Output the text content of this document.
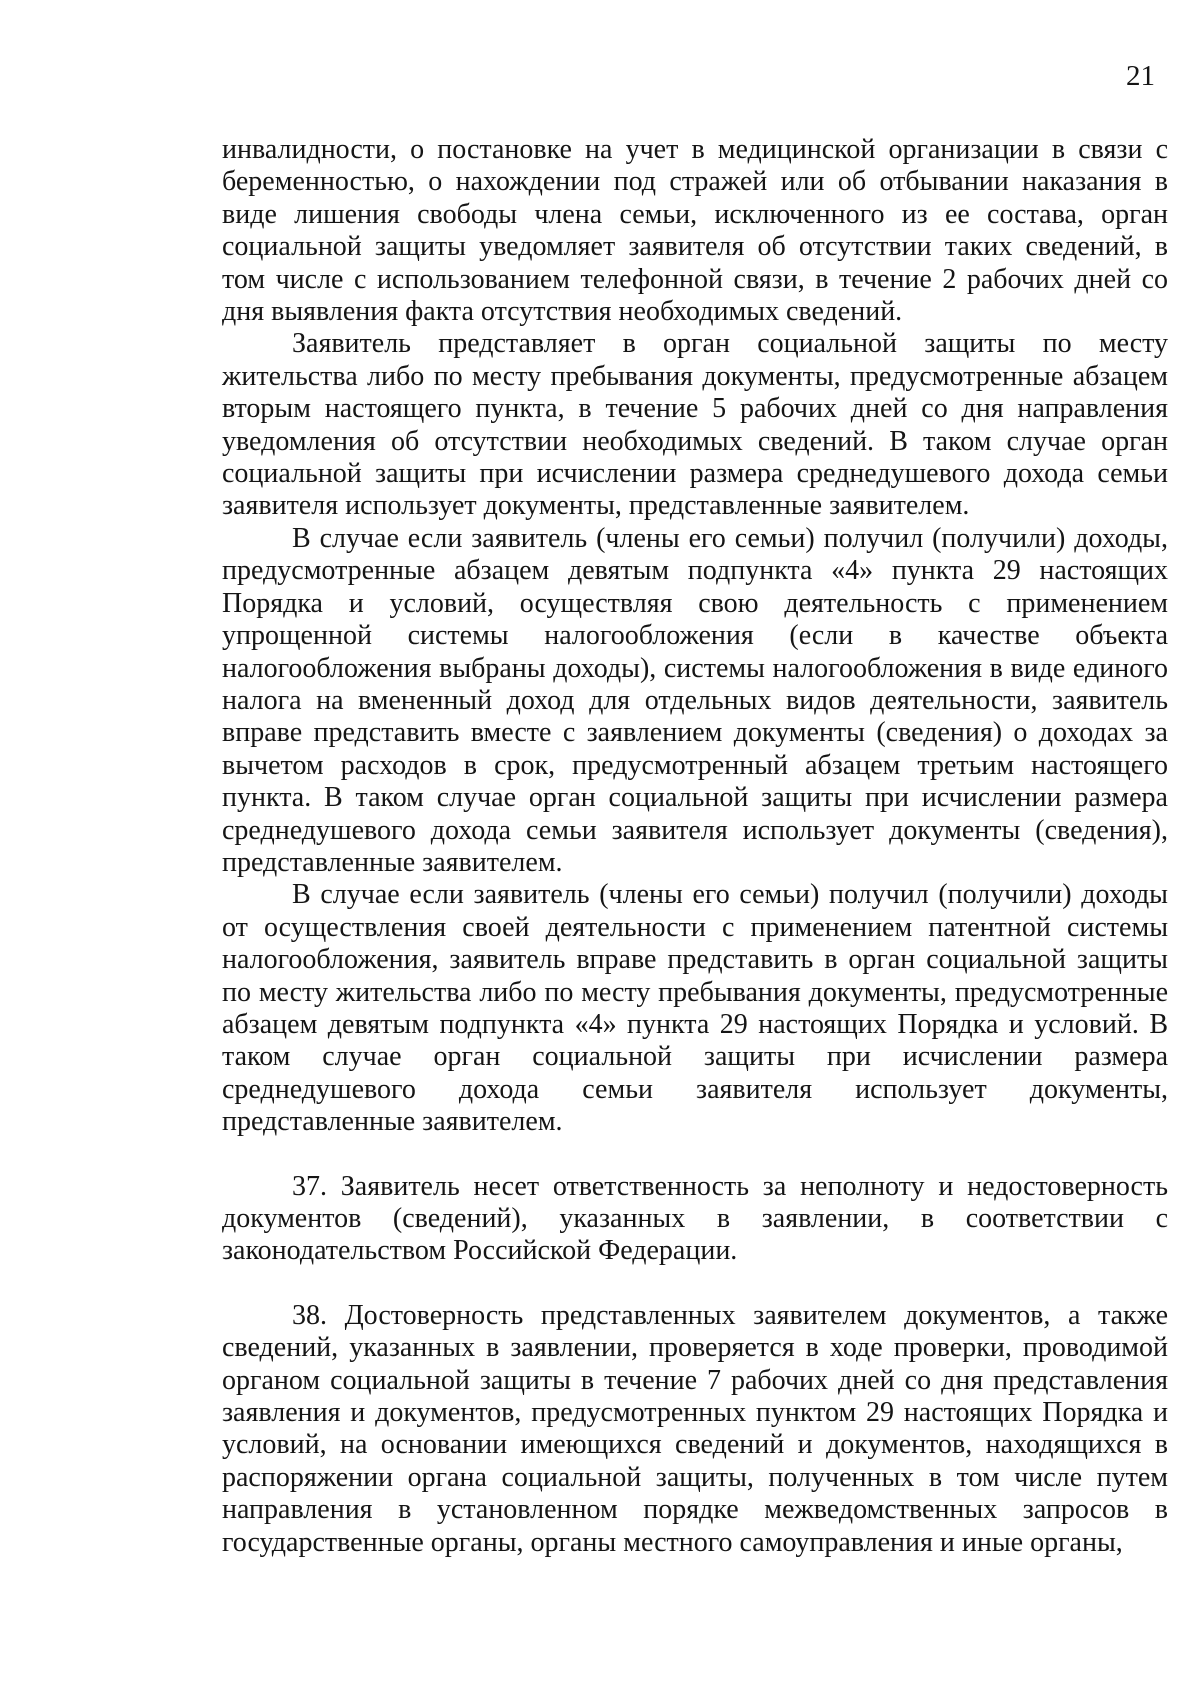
21

инвалидности, о постановке на учет в медицинской организации в связи с беременностью, о нахождении под стражей или об отбывании наказания в виде лишения свободы члена семьи, исключенного из ее состава, орган социальной защиты уведомляет заявителя об отсутствии таких сведений, в том числе с использованием телефонной связи, в течение 2 рабочих дней со дня выявления факта отсутствия необходимых сведений.

Заявитель представляет в орган социальной защиты по месту жительства либо по месту пребывания документы, предусмотренные абзацем вторым настоящего пункта, в течение 5 рабочих дней со дня направления уведомления об отсутствии необходимых сведений. В таком случае орган социальной защиты при исчислении размера среднедушевого дохода семьи заявителя использует документы, представленные заявителем.

В случае если заявитель (члены его семьи) получил (получили) доходы, предусмотренные абзацем девятым подпункта «4» пункта 29 настоящих Порядка и условий, осуществляя свою деятельность с применением упрощенной системы налогообложения (если в качестве объекта налогообложения выбраны доходы), системы налогообложения в виде единого налога на вмененный доход для отдельных видов деятельности, заявитель вправе представить вместе с заявлением документы (сведения) о доходах за вычетом расходов в срок, предусмотренный абзацем третьим настоящего пункта. В таком случае орган социальной защиты при исчислении размера среднедушевого дохода семьи заявителя использует документы (сведения), представленные заявителем.

В случае если заявитель (члены его семьи) получил (получили) доходы от осуществления своей деятельности с применением патентной системы налогообложения, заявитель вправе представить в орган социальной защиты по месту жительства либо по месту пребывания документы, предусмотренные абзацем девятым подпункта «4» пункта 29 настоящих Порядка и условий. В таком случае орган социальной защиты при исчислении размера среднедушевого дохода семьи заявителя использует документы, представленные заявителем.

37. Заявитель несет ответственность за неполноту и недостоверность документов (сведений), указанных в заявлении, в соответствии с законодательством Российской Федерации.

38. Достоверность представленных заявителем документов, а также сведений, указанных в заявлении, проверяется в ходе проверки, проводимой органом социальной защиты в течение 7 рабочих дней со дня представления заявления и документов, предусмотренных пунктом 29 настоящих Порядка и условий, на основании имеющихся сведений и документов, находящихся в распоряжении органа социальной защиты, полученных в том числе путем направления в установленном порядке межведомственных запросов в государственные органы, органы местного самоуправления и иные органы,
